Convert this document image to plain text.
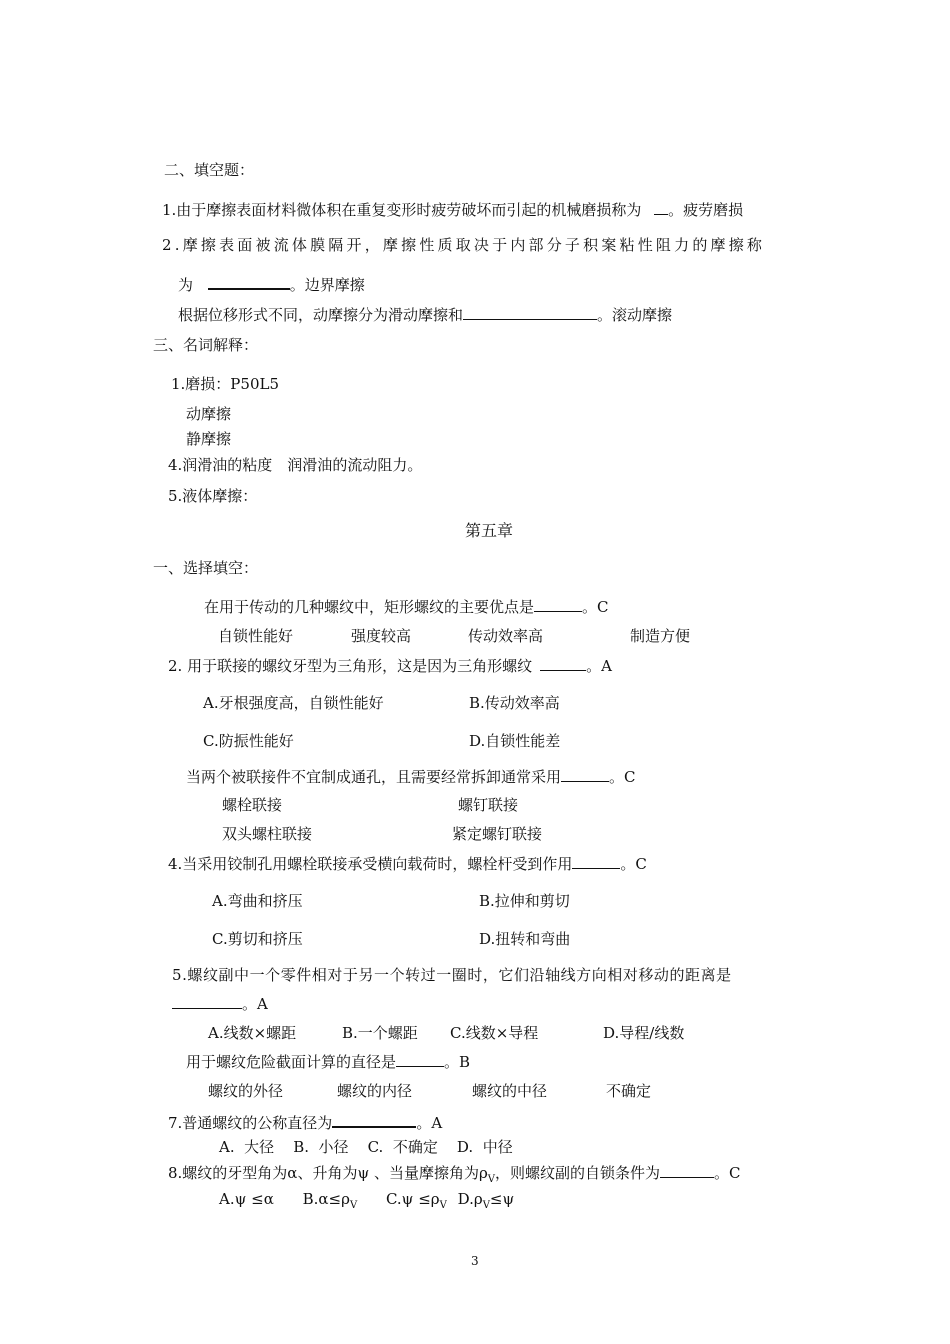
二、填空题：
1.由于摩擦表面材料微体积在重复变形时疲劳破坏而引起的机械磨损称为 。疲劳磨损
2.摩擦表面被流体膜隔开，摩擦性质取决于内部分子积案粘性阻力的摩擦称
为	。边界摩擦
根据位移形式不同，动摩擦分为滑动摩擦和	。滚动摩擦
三、名词解释：
1.磨损：P50L5
动摩擦
静摩擦
4.润滑油的粘度　润滑油的流动阻力。
5.液体摩擦：
第五章
一、选择填空：
在用于传动的几种螺纹中，矩形螺纹的主要优点是	。C
自锁性能好	强度较高	传动效率高	制造方便
2. 用于联接的螺纹牙型为三角形，这是因为三角形螺纹	。A
A.牙根强度高，自锁性能好	B.传动效率高
C.防振性能好	D.自锁性能差
当两个被联接件不宜制成通孔，且需要经常拆卸通常采用	。C
螺栓联接	螺钉联接
双头螺柱联接	紧定螺钉联接
4.当采用铰制孔用螺栓联接承受横向载荷时，螺栓杆受到作用	。C
A.弯曲和挤压	B.拉伸和剪切
C.剪切和挤压	D.扭转和弯曲
5.螺纹副中一个零件相对于另一个转过一圈时，它们沿轴线方向相对移动的距离是
。A
A.线数×螺距	B.一个螺距 C.线数×导程	D.导程/线数
用于螺纹危险截面计算的直径是	。B
螺纹的外径	螺纹的内径	螺纹的中径	不确定
7.普通螺纹的公称直径为	。A
A.  大径    B.  小径    C.  不确定    D.  中径
8.螺纹的牙型角为α、升角为ψ 、当量摩擦角为$\rho_V$，则螺纹副的自锁条件为	。C
A.ψ ≤α $B.\alpha\le\rho_V$ $C.\psi \le\rho_V$ $D.\rho_V\le\psi$
3
